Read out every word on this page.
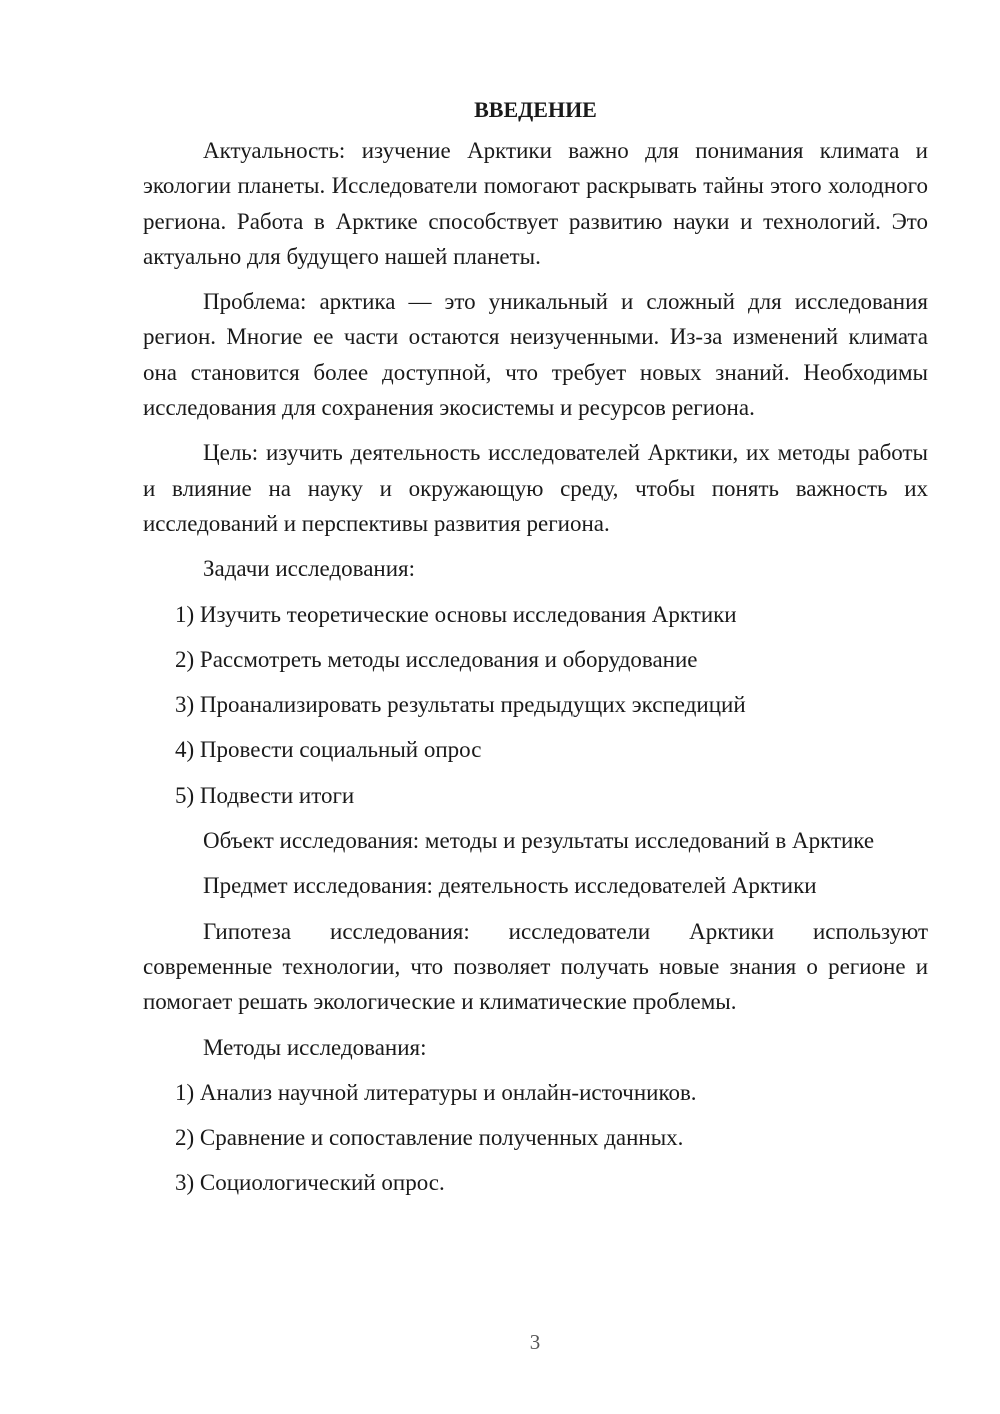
ВВЕДЕНИЕ

Актуальность: изучение Арктики важно для понимания климата и экологии планеты. Исследователи помогают раскрывать тайны этого холодного региона. Работа в Арктике способствует развитию науки и технологий. Это актуально для будущего нашей планеты.

Проблема: арктика — это уникальный и сложный для исследования регион. Многие ее части остаются неизученными. Из-за изменений климата она становится более доступной, что требует новых знаний. Необходимы исследования для сохранения экосистемы и ресурсов региона.

Цель: изучить деятельность исследователей Арктики, их методы работы и влияние на науку и окружающую среду, чтобы понять важность их исследований и перспективы развития региона.

Задачи исследования:

1) Изучить теоретические основы исследования Арктики

2) Рассмотреть методы исследования и оборудование

3) Проанализировать результаты предыдущих экспедиций

4) Провести социальный опрос

5) Подвести итоги

Объект исследования: методы и результаты исследований в Арктике

Предмет исследования: деятельность исследователей Арктики

Гипотеза исследования: исследователи Арктики используют современные технологии, что позволяет получать новые знания о регионе и помогает решать экологические и климатические проблемы.

Методы исследования:

1) Анализ научной литературы и онлайн-источников.

2) Сравнение и сопоставление полученных данных.

3) Социологический опрос.

3
